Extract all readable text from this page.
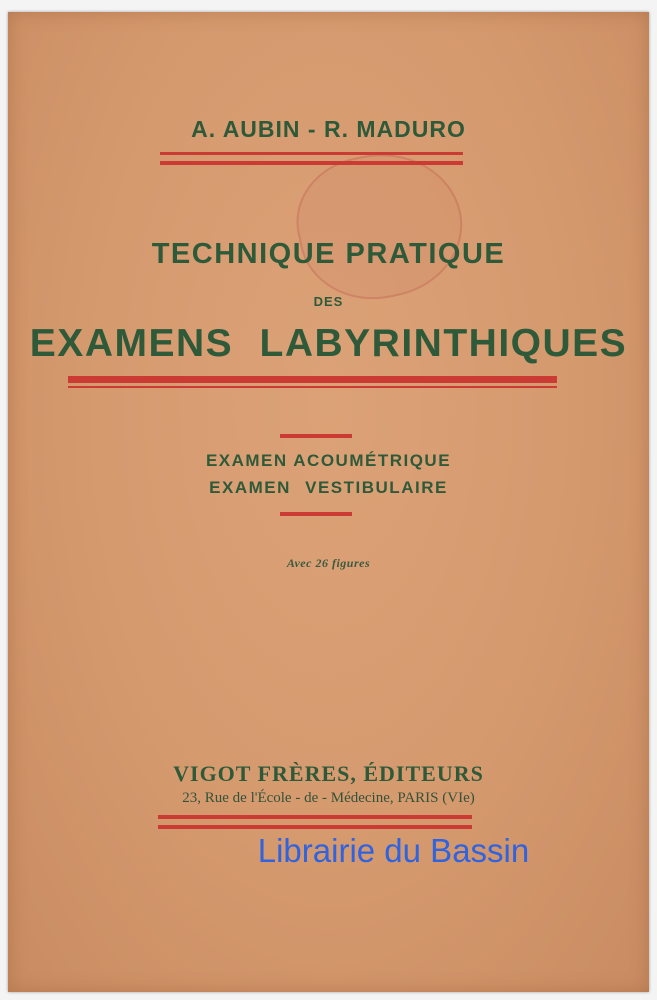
A. AUBIN - R. MADURO
TECHNIQUE PRATIQUE
DES
EXAMENS LABYRINTHIQUES
EXAMEN ACOUMÉTRIQUE
EXAMEN VESTIBULAIRE
Avec 26 figures
VIGOT FRÈRES, ÉDITEURS
23, Rue de l'École - de - Médecine, PARIS (VIe)
Librairie du Bassin
